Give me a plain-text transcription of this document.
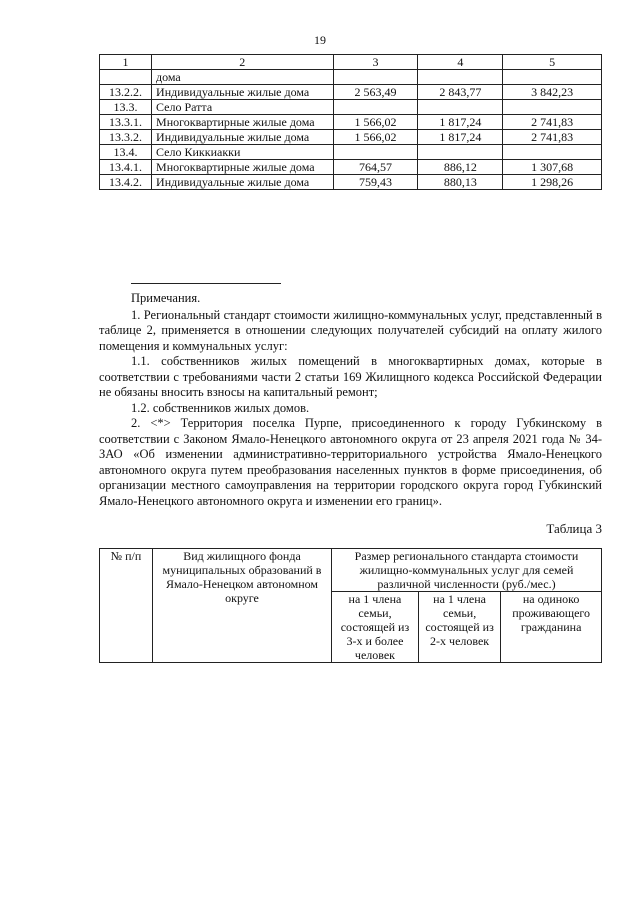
19
1	2	3	4	5
	дома			
13.2.2.	Индивидуальные жилые дома	2 563,49	2 843,77	3 842,23
13.3.	Село Ратта			
13.3.1.	Многоквартирные жилые дома	1 566,02	1 817,24	2 741,83
13.3.2.	Индивидуальные жилые дома	1 566,02	1 817,24	2 741,83
13.4.	Село Киккиакки			
13.4.1.	Многоквартирные жилые дома	764,57	886,12	1 307,68
13.4.2.	Индивидуальные жилые дома	759,43	880,13	1 298,26

Примечания.

1. Региональный стандарт стоимости жилищно-коммунальных услуг, представленный в таблице 2, применяется в отношении следующих получателей субсидий на оплату жилого помещения и коммунальных услуг:

1.1. собственников жилых помещений в многоквартирных домах, которые в соответствии с требованиями части 2 статьи 169 Жилищного кодекса Российской Федерации не обязаны вносить взносы на капитальный ремонт;

1.2. собственников жилых домов.

2. <*> Территория поселка Пурпе, присоединенного к городу Губкинскому в соответствии с Законом Ямало-Ненецкого автономного округа от 23 апреля 2021 года № 34-ЗАО «Об изменении административно-территориального устройства Ямало-Ненецкого автономного округа путем преобразования населенных пунктов в форме присоединения, об организации местного самоуправления на территории городского округа город Губкинский Ямало-Ненецкого автономного округа и изменении его границ».

Таблица 3
№ п/п	Вид жилищного фонда муниципальных образований в Ямало-Ненецком автономном округе	Размер регионального стандарта стоимости жилищно-коммунальных услуг для семей различной численности (руб./мес.)		
		на 1 члена семьи, состоящей из 3-х и более человек	на 1 члена семьи, состоящей из 2-х человек	на одиноко проживающего гражданина
